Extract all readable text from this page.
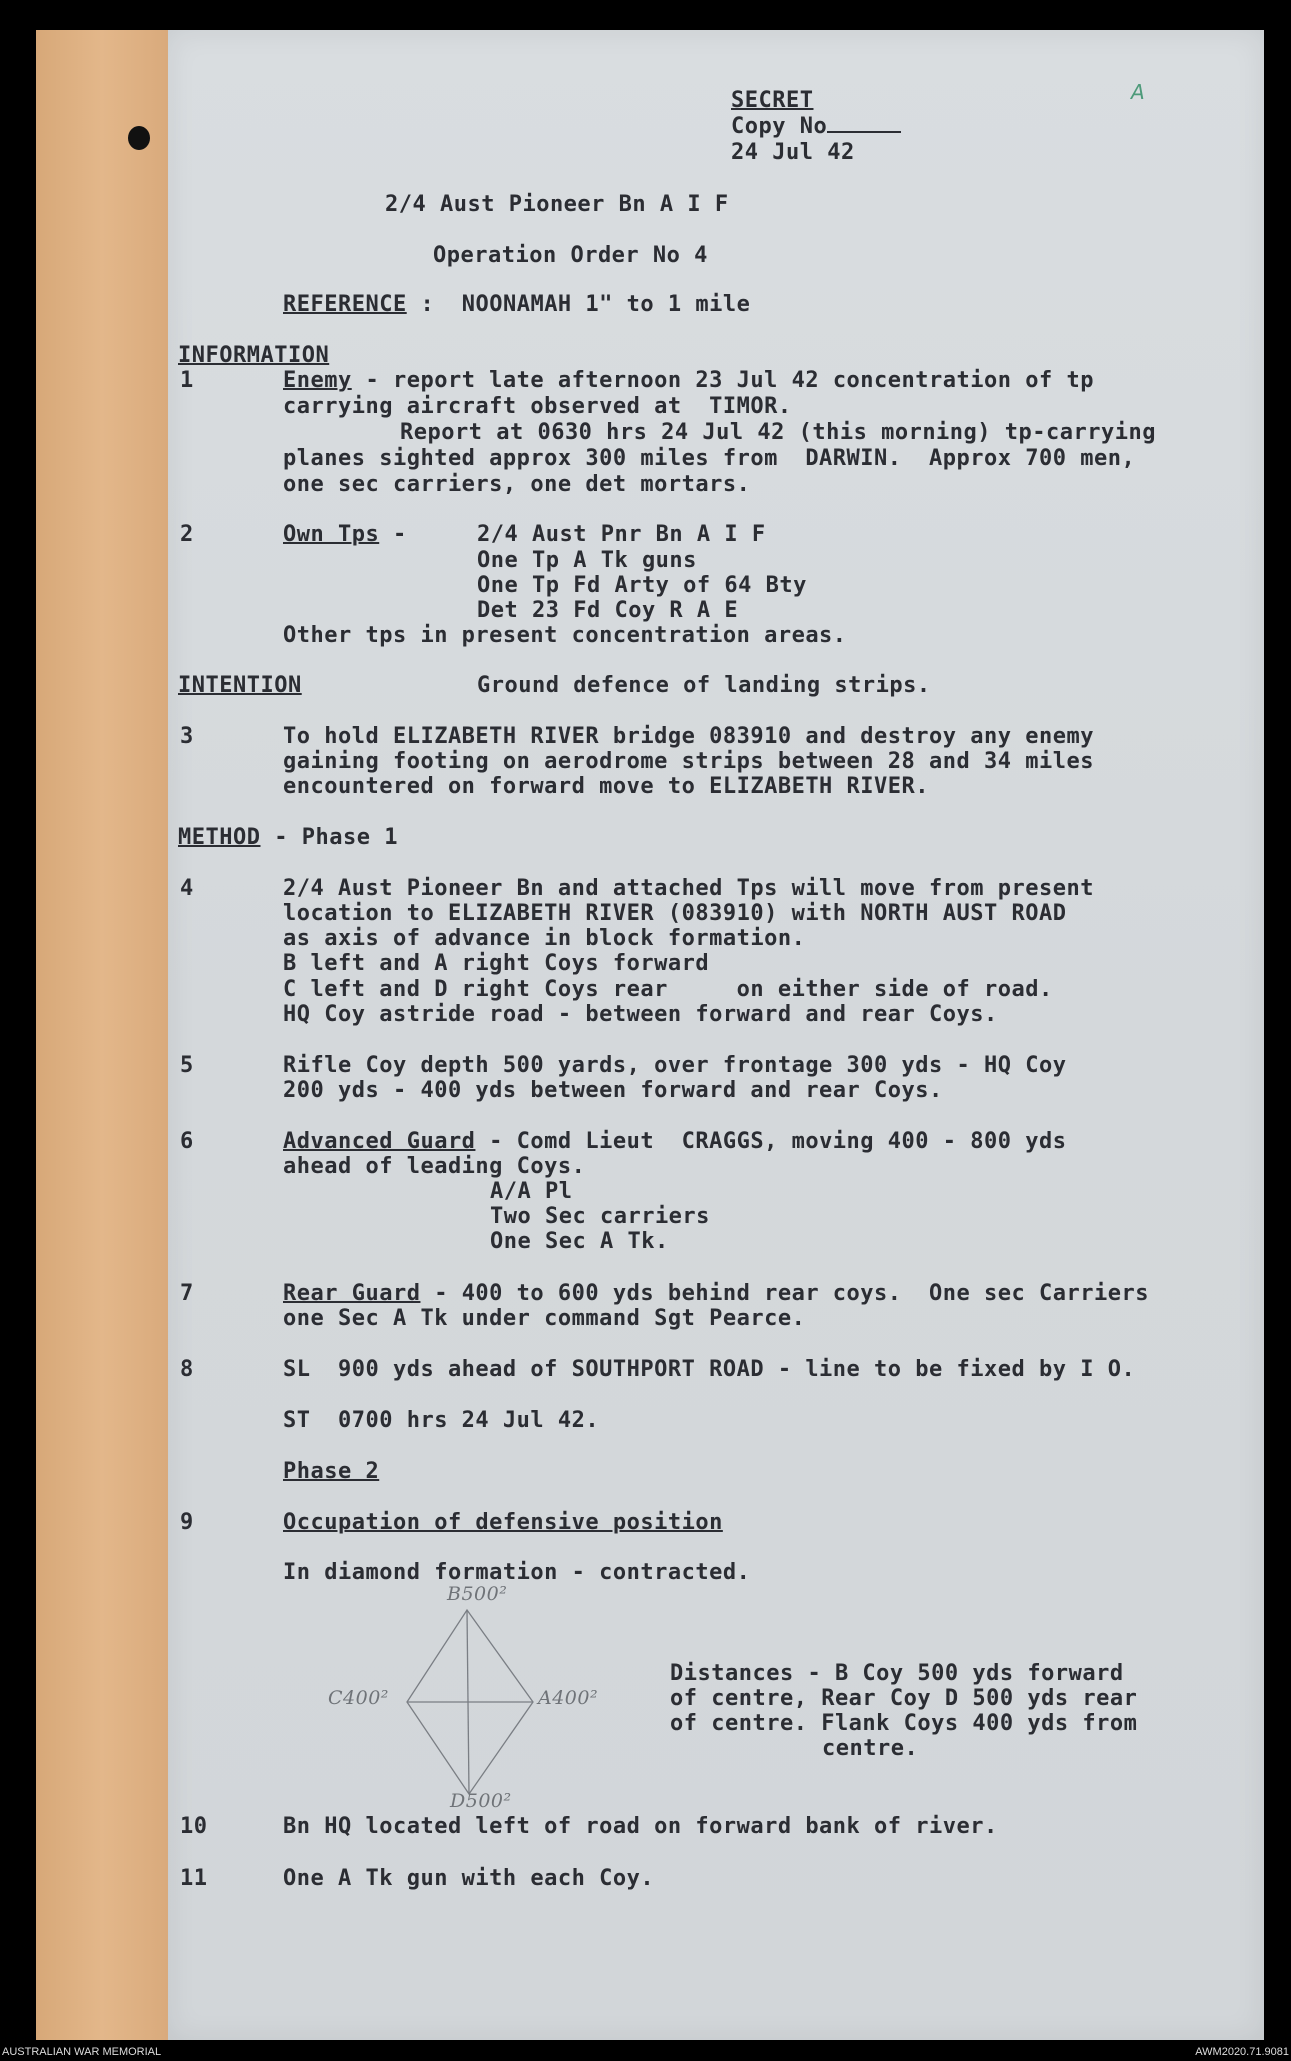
A
SECRET
Copy No
24 Jul 42
2/4 Aust Pioneer Bn A I F
Operation Order No 4
REFERENCE : NOONAMAH 1" to 1 mile
INFORMATION
1	Enemy - report late afternoon 23 Jul 42 concentration of tp
carrying aircraft observed at  TIMOR.
Report at 0630 hrs 24 Jul 42 (this morning) tp-carrying
planes sighted approx 300 miles from  DARWIN.  Approx 700 men,
one sec carriers, one det mortars.
2	Own Tps -	2/4 Aust Pnr Bn A I F
One Tp A Tk guns
One Tp Fd Arty of 64 Bty
Det 23 Fd Coy R A E
Other tps in present concentration areas.
INTENTION	Ground defence of landing strips.
3	To hold ELIZABETH RIVER bridge 083910 and destroy any enemy
gaining footing on aerodrome strips between 28 and 34 miles
encountered on forward move to ELIZABETH RIVER.
METHOD - Phase 1
4	2/4 Aust Pioneer Bn and attached Tps will move from present
location to ELIZABETH RIVER (083910) with NORTH AUST ROAD
as axis of advance in block formation.
B left and A right Coys forward
C left and D right Coys rear     on either side of road.
HQ Coy astride road - between forward and rear Coys.
5	Rifle Coy depth 500 yards, over frontage 300 yds - HQ Coy
200 yds - 400 yds between forward and rear Coys.
6	Advanced Guard - Comd Lieut  CRAGGS, moving 400 - 800 yds
ahead of leading Coys.
A/A Pl
Two Sec carriers
One Sec A Tk.
7	Rear Guard - 400 to 600 yds behind rear coys.  One sec Carriers
one Sec A Tk under command Sgt Pearce.
8	SL  900 yds ahead of SOUTHPORT ROAD - line to be fixed by I O.
ST  0700 hrs 24 Jul 42.
Phase 2
9	Occupation of defensive position
In diamond formation - contracted.
B500²
C400²	A400²
D500²
Distances - B Coy 500 yds forward
of centre, Rear Coy D 500 yds rear
of centre. Flank Coys 400 yds from
centre.
10	Bn HQ located left of road on forward bank of river.
11	One A Tk gun with each Coy.
AUSTRALIAN WAR MEMORIAL	AWM2020.71.9081
